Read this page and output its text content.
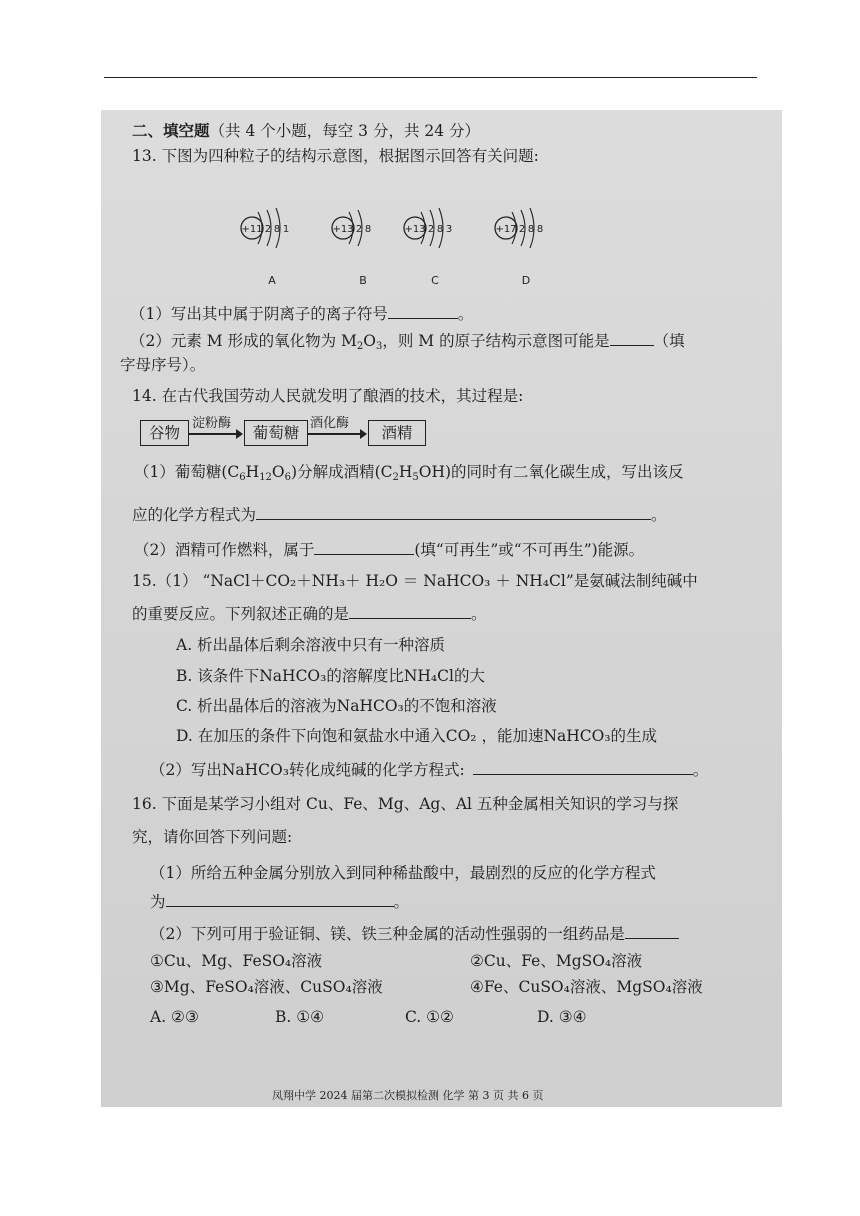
二、填空题（共 4 个小题，每空 3 分，共 24 分）
13. 下图为四种粒子的结构示意图，根据图示回答有关问题:
+11 2 8 1
A
+13 2 8
B
+13 2 8 3
C
+17 2 8 8
D
（1）写出其中属于阴离子的离子符号	。
（2）元素 M 形成的氧化物为 $M_2O_3$，则 M 的原子结构示意图可能是	（填
字母序号）。
14. 在古代我国劳动人民就发明了酿酒的技术，其过程是:
谷物
淀粉酶
葡萄糖
酒化酶
酒精
（1）葡萄糖$(C_6H_{12}O_6)$分解成酒精$(C_2H_5OH)$的同时有二氧化碳生成，写出该反
应的化学方程式为	。
（2）酒精可作燃料，属于	(填“可再生”或“不可再生”)能源。
15.（1） “NaCl＋CO₂＋NH₃＋ H₂O ＝ NaHCO₃ ＋ NH₄Cl”是氨碱法制纯碱中
的重要反应。下列叙述正确的是	。
A. 析出晶体后剩余溶液中只有一种溶质
B. 该条件下NaHCO₃的溶解度比NH₄Cl的大
C. 析出晶体后的溶液为NaHCO₃的不饱和溶液
D. 在加压的条件下向饱和氨盐水中通入CO₂ ，能加速NaHCO₃的生成
（2）写出NaHCO₃转化成纯碱的化学方程式:	。
16. 下面是某学习小组对 Cu、Fe、Mg、Ag、Al 五种金属相关知识的学习与探
究，请你回答下列问题:
（1）所给五种金属分别放入到同种稀盐酸中，最剧烈的反应的化学方程式
为	。
（2）下列可用于验证铜、镁、铁三种金属的活动性强弱的一组药品是
①Cu、Mg、FeSO₄溶液	②Cu、Fe、MgSO₄溶液
③Mg、FeSO₄溶液、CuSO₄溶液	④Fe、CuSO₄溶液、MgSO₄溶液
A. ②③	B. ①④	C. ①②	D. ③④
凤翔中学 2024 届第二次模拟检测 化学 第 3 页 共 6 页
